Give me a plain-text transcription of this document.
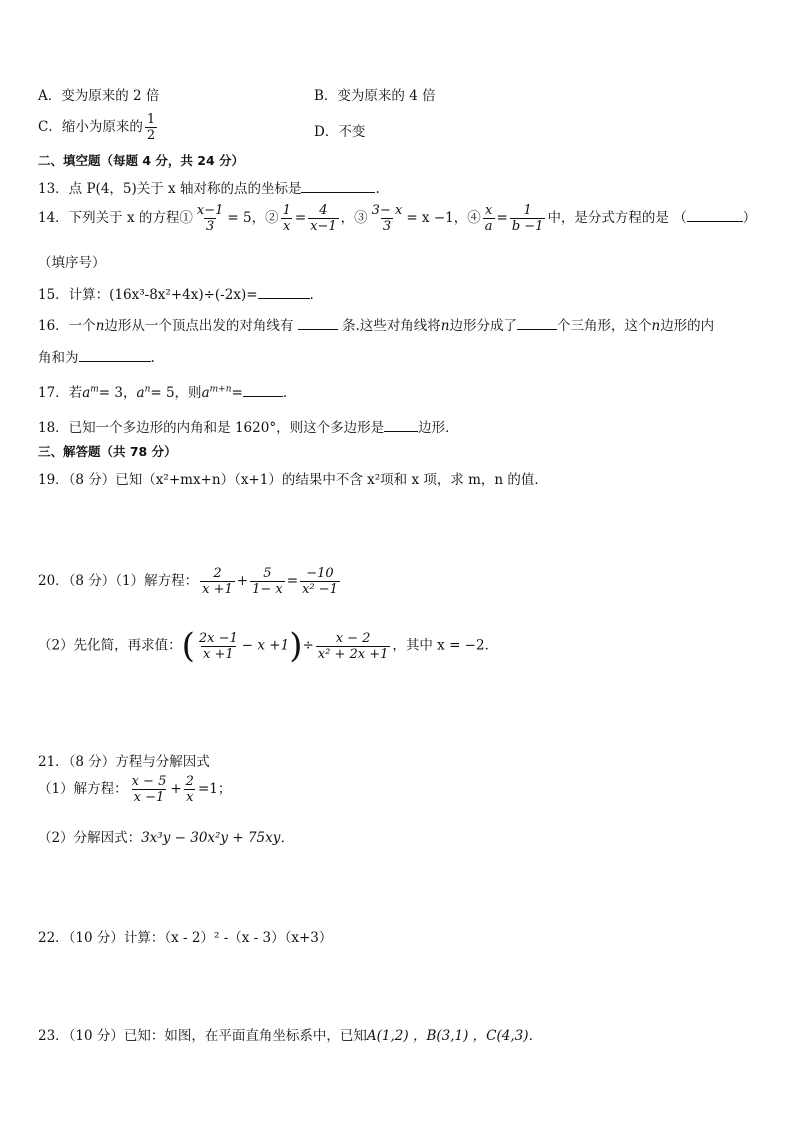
A．变为原来的 2 倍	B．变为原来的 4 倍
C．缩小为原来的 $\frac{1}{2}$	D．不变
二、填空题（每题 4 分，共 24 分）
13．点 P(4，5)关于 x 轴对称的点的坐标是	.
14．下列关于 x 的方程① $\frac{x-1}{3} = 5$，② $\frac{1}{x} = \frac{4}{x-1}$ ，③ $\frac{3- x}{3} = x -1$，④ $\frac{x}{a} = \frac{1}{b -1}$ 中，是分式方程的是 （	）
（填序号）
15．计算：(16x³-8x²+4x)÷(-2x)=	.
16．一个n边形从一个顶点出发的对角线有	条.这些对角线将n边形分成了	个三角形，这个n边形的内
角和为	.
17．若$a^m= 3$，$a^n= 5$，则$a^{m+n}=$	.
18．已知一个多边形的内角和是 1620°，则这个多边形是	边形．
三、解答题（共 78 分）
19．（8 分）已知（x²+mx+n）（x+1）的结果中不含 x²项和 x 项，求 m，n 的值．
20．（8 分）（1）解方程： $\frac{2}{x +1} + \frac{5}{1- x} = \frac{-10}{\text{x² −1}}$
（2）先化简，再求值：( $\frac{2x -1}{x +1} - x +1)\div \frac{x - 2}{\text{x² + 2x +1}}$ ，其中 x = −2．
21．（8 分）方程与分解因式
（1）解方程： $\frac{x - 5}{x -1} + \frac{2}{x} =1$；
（2）分解因式：3x³y − 30x²y + 75xy．
22．（10 分）计算：（x - 2）² -（x - 3）（x+3）
23．（10 分）已知：如图，在平面直角坐标系中，已知A(1,2) ，B(3,1) ，C(4,3)．
